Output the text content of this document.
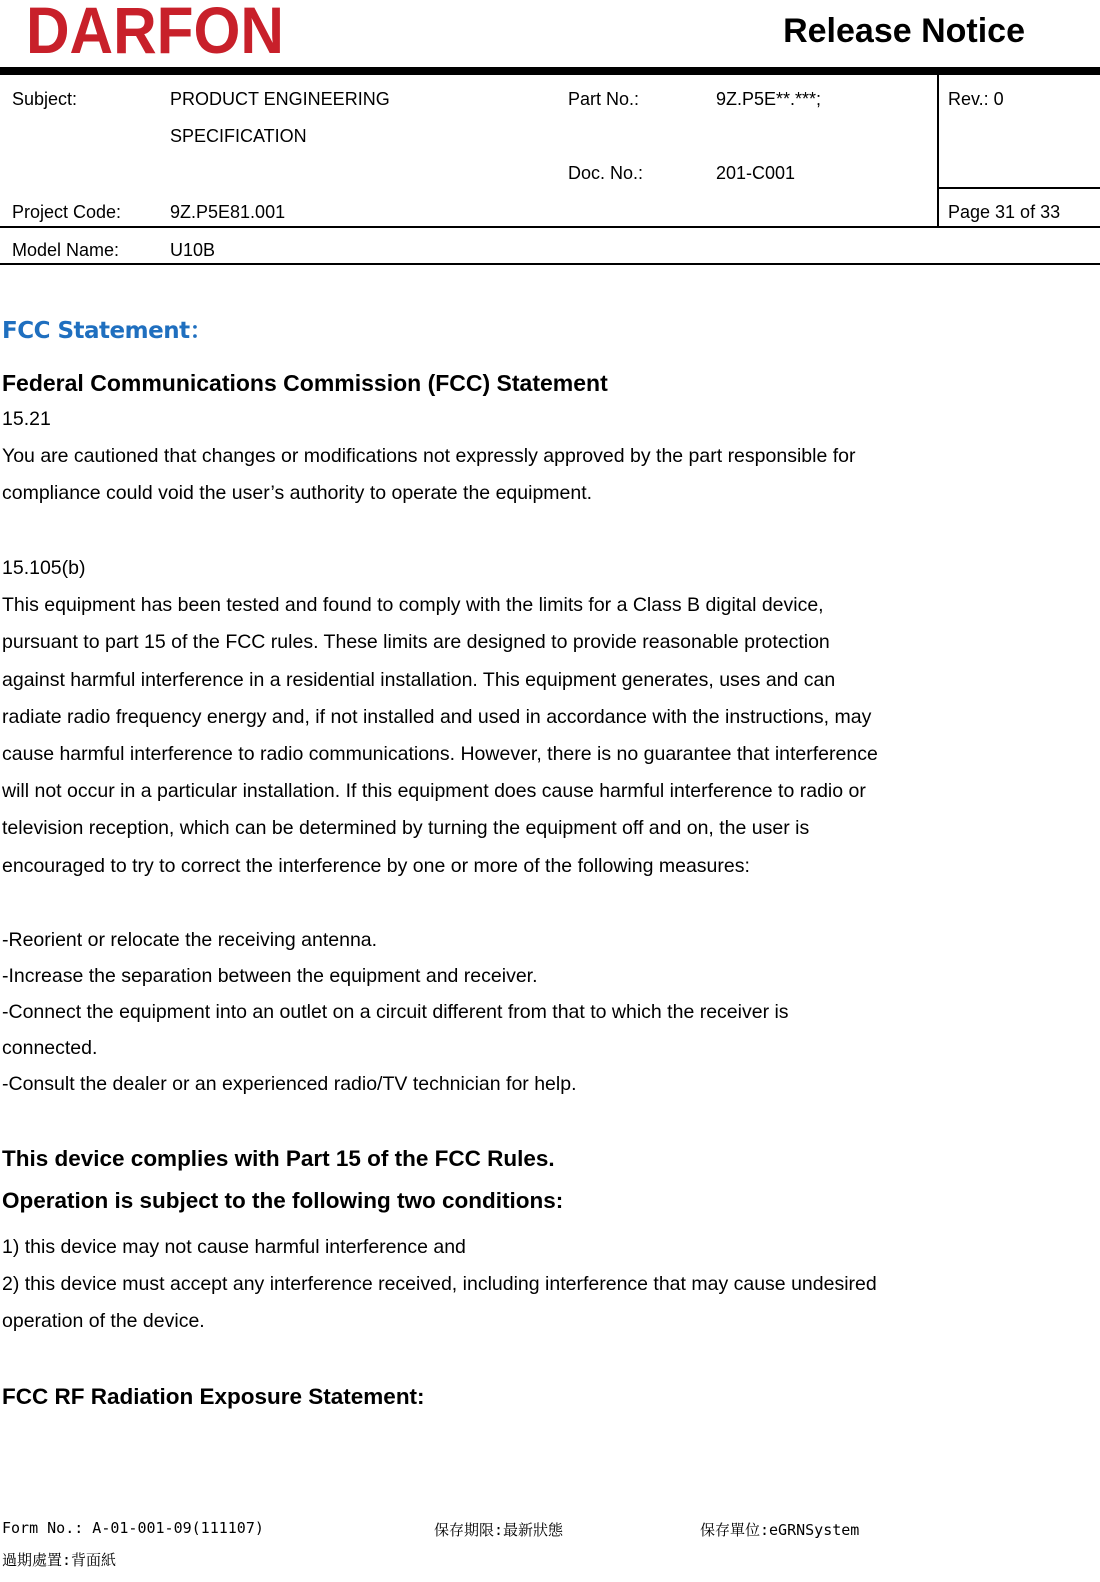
DARFON	Release Notice
Subject:	PRODUCT ENGINEERING
SPECIFICATION
Part No.:	9Z.P5E**.***;
Doc. No.:	201-C001
Rev.: 0
Project Code:	9Z.P5E81.001	Page 31 of 33
Model Name:	U10B
FCC Statement：
Federal Communications Commission (FCC) Statement
15.21
You are cautioned that changes or modifications not expressly approved by the part responsible for
compliance could void the user’s authority to operate the equipment.
15.105(b)
This equipment has been tested and found to comply with the limits for a Class B digital device,
pursuant to part 15 of the FCC rules. These limits are designed to provide reasonable protection
against harmful interference in a residential installation. This equipment generates, uses and can
radiate radio frequency energy and, if not installed and used in accordance with the instructions, may
cause harmful interference to radio communications. However, there is no guarantee that interference
will not occur in a particular installation. If this equipment does cause harmful interference to radio or
television reception, which can be determined by turning the equipment off and on, the user is
encouraged to try to correct the interference by one or more of the following measures:
-Reorient or relocate the receiving antenna.
-Increase the separation between the equipment and receiver.
-Connect the equipment into an outlet on a circuit different from that to which the receiver is
connected.
-Consult the dealer or an experienced radio/TV technician for help.
This device complies with Part 15 of the FCC Rules.
Operation is subject to the following two conditions:
1) this device may not cause harmful interference and
2) this device must accept any interference received, including interference that may cause undesired
operation of the device.
FCC RF Radiation Exposure Statement:
Form No.: A-01-001-09(111107)	保存期限:最新狀態	保存單位:eGRNSystem
過期處置:背面紙
